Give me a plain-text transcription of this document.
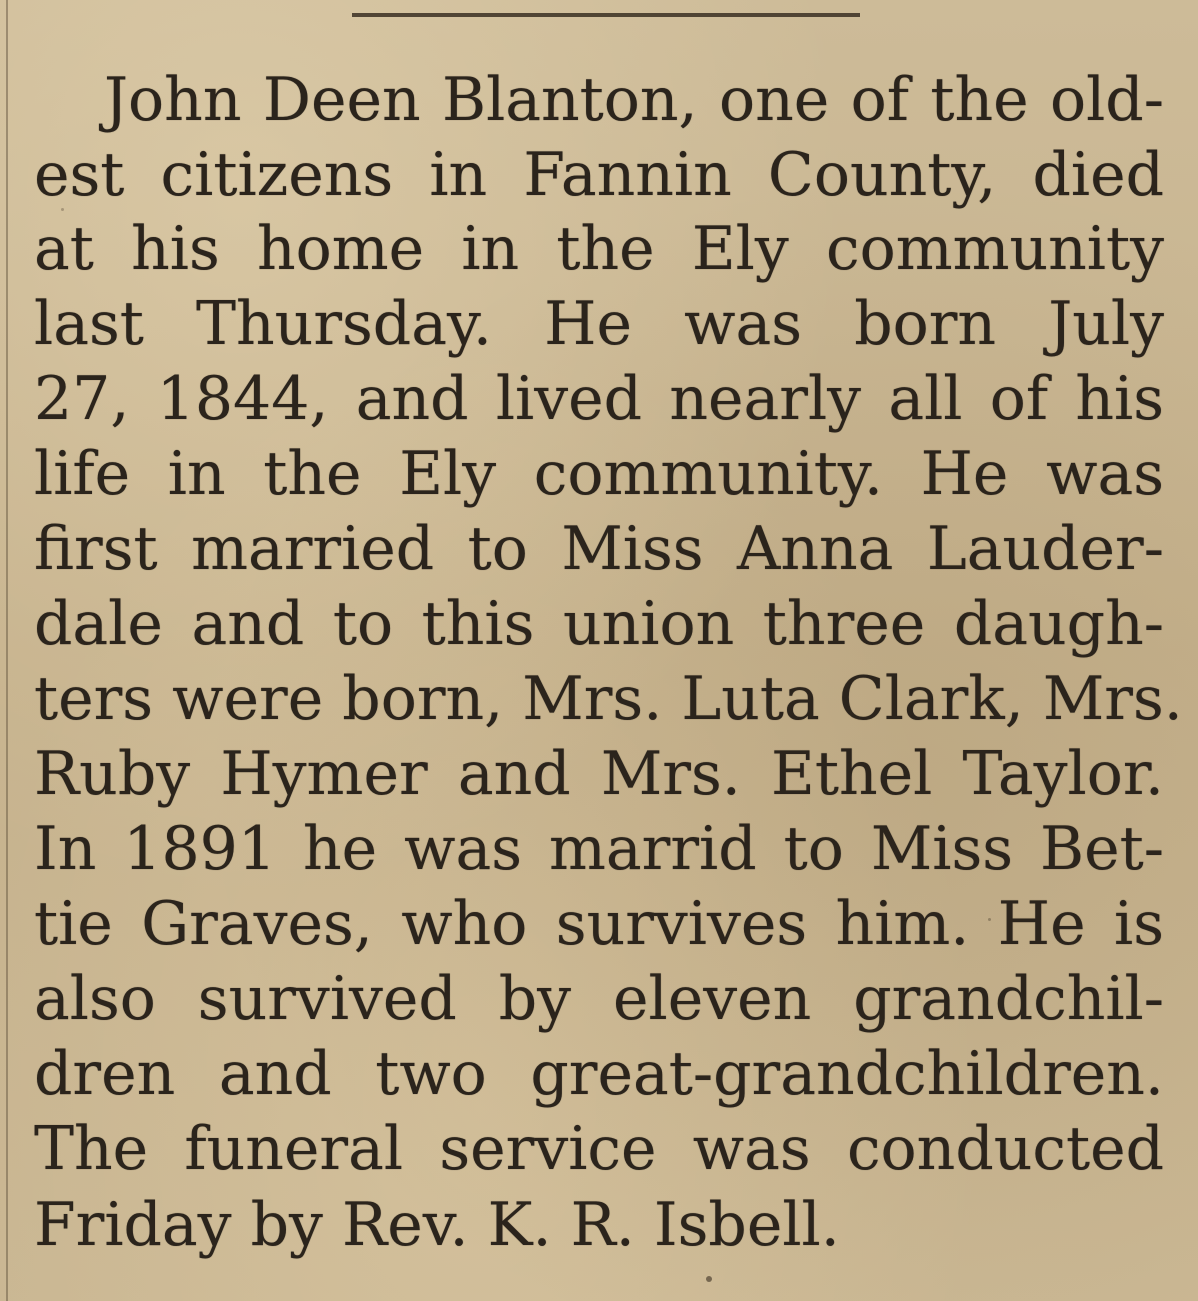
John Deen Blanton, one of the old-
est citizens in Fannin County, died
at his home in the Ely community
last Thursday. He was born July
27, 1844, and lived nearly all of his
life in the Ely community. He was
first married to Miss Anna Lauder-
dale and to this union three daugh-
ters were born, Mrs. Luta Clark, Mrs.
Ruby Hymer and Mrs. Ethel Taylor.
In 1891 he was marrid to Miss Bet-
tie Graves, who survives him. He is
also survived by eleven grandchil-
dren and two great-grandchildren.
The funeral service was conducted
Friday by Rev. K. R. Isbell.
